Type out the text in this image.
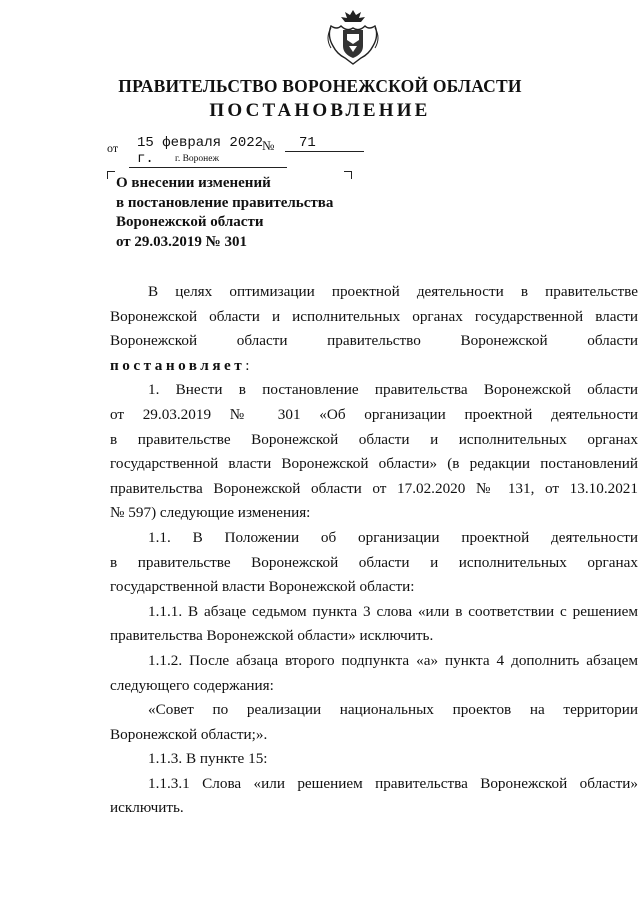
ПРАВИТЕЛЬСТВО ВОРОНЕЖСКОЙ ОБЛАСТИ
ПОСТАНОВЛЕНИЕ
от	15 февраля 2022 г.
№	71
г. Воронеж
О внесении изменений
в постановление правительства
Воронежской области
от 29.03.2019 № 301
В целях оптимизации проектной деятельности в правительстве
Воронежской области и исполнительных органах государственной власти
Воронежской области правительство Воронежской области
постановляет:
1. Внести в постановление правительства Воронежской области
от 29.03.2019 № 301 «Об организации проектной деятельности
в правительстве Воронежской области и исполнительных органах
государственной власти Воронежской области» (в редакции постановлений
правительства Воронежской области от 17.02.2020 № 131, от 13.10.2021
№ 597) следующие изменения:
1.1. В Положении об организации проектной деятельности
в правительстве Воронежской области и исполнительных органах
государственной власти Воронежской области:
1.1.1. В абзаце седьмом пункта 3 слова «или в соответствии с решением
правительства Воронежской области» исключить.
1.1.2. После абзаца второго подпункта «а» пункта 4 дополнить абзацем
следующего содержания:
«Совет по реализации национальных проектов на территории
Воронежской области;».
1.1.3. В пункте 15:
1.1.3.1 Слова «или решением правительства Воронежской области»
исключить.
